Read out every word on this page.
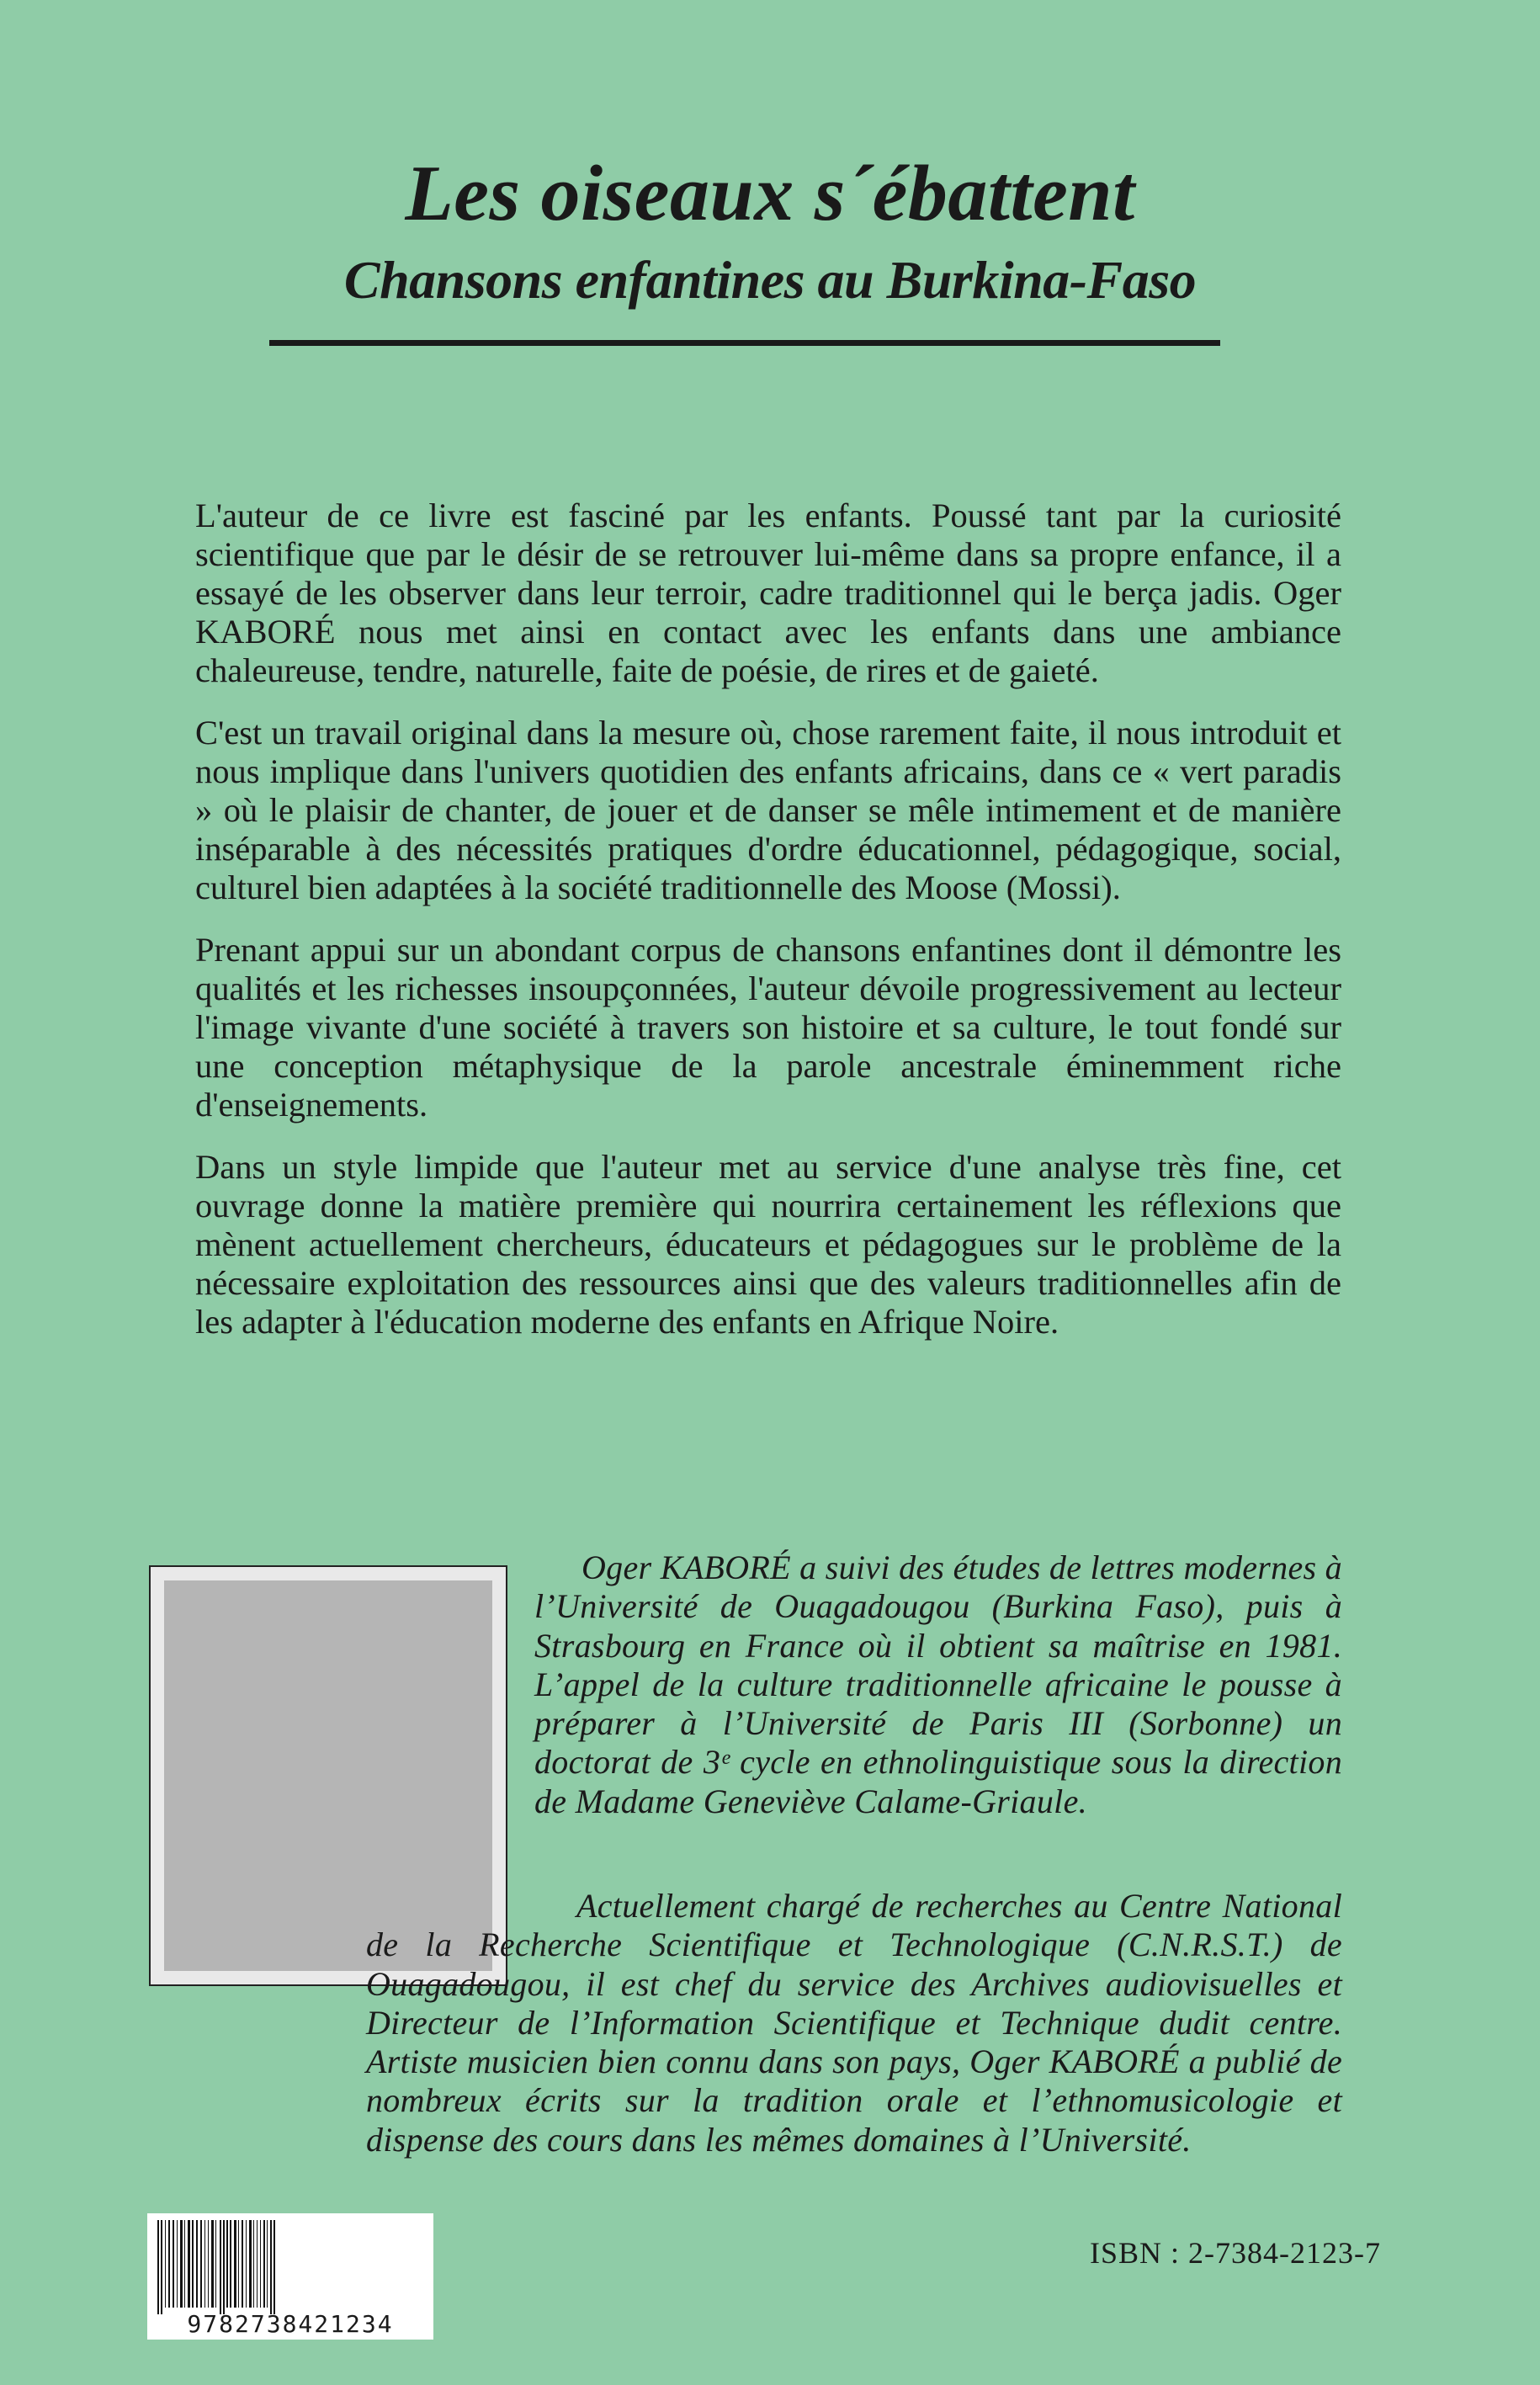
Les oiseaux s´ébattent
Chansons enfantines au Burkina-Faso

L'auteur de ce livre est fasciné par les enfants. Poussé tant par la curiosité scientifique que par le désir de se retrouver lui-même dans sa propre enfance, il a essayé de les observer dans leur terroir, cadre traditionnel qui le berça jadis. Oger KABORÉ nous met ainsi en contact avec les enfants dans une ambiance chaleureuse, tendre, naturelle, faite de poésie, de rires et de gaieté.

C'est un travail original dans la mesure où, chose rarement faite, il nous introduit et nous implique dans l'univers quotidien des enfants africains, dans ce « vert paradis » où le plaisir de chanter, de jouer et de danser se mêle intimement et de manière inséparable à des nécessités pratiques d'ordre éducationnel, pédagogique, social, culturel bien adaptées à la société traditionnelle des Moose (Mossi).

Prenant appui sur un abondant corpus de chansons enfantines dont il démontre les qualités et les richesses insoupçonnées, l'auteur dévoile progressivement au lecteur l'image vivante d'une société à travers son histoire et sa culture, le tout fondé sur une conception métaphysique de la parole ancestrale éminemment riche d'enseignements.

Dans un style limpide que l'auteur met au service d'une analyse très fine, cet ouvrage donne la matière première qui nourrira certainement les réflexions que mènent actuellement chercheurs, éducateurs et pédagogues sur le problème de la nécessaire exploitation des ressources ainsi que des valeurs traditionnelles afin de les adapter à l'éducation moderne des enfants en Afrique Noire.

Oger KABORÉ a suivi des études de lettres modernes à l’Université de Ouagadougou (Burkina Faso), puis à Strasbourg en France où il obtient sa maîtrise en 1981. L’appel de la culture traditionnelle africaine le pousse à préparer à l’Université de Paris III (Sorbonne) un doctorat de 3ᵉ cycle en ethnolinguistique sous la direction de Madame Geneviève Calame-Griaule.

Actuellement chargé de recherches au Centre National de la Recherche Scientifique et Technologique (C.N.R.S.T.) de Ouagadougou, il est chef du service des Archives audiovisuelles et Directeur de l’Information Scientifique et Technique dudit centre. Artiste musicien bien connu dans son pays, Oger KABORÉ a publié de nombreux écrits sur la tradition orale et l’ethnomusicologie et dispense des cours dans les mêmes domaines à l’Université.

9782738421234
ISBN : 2-7384-2123-7
